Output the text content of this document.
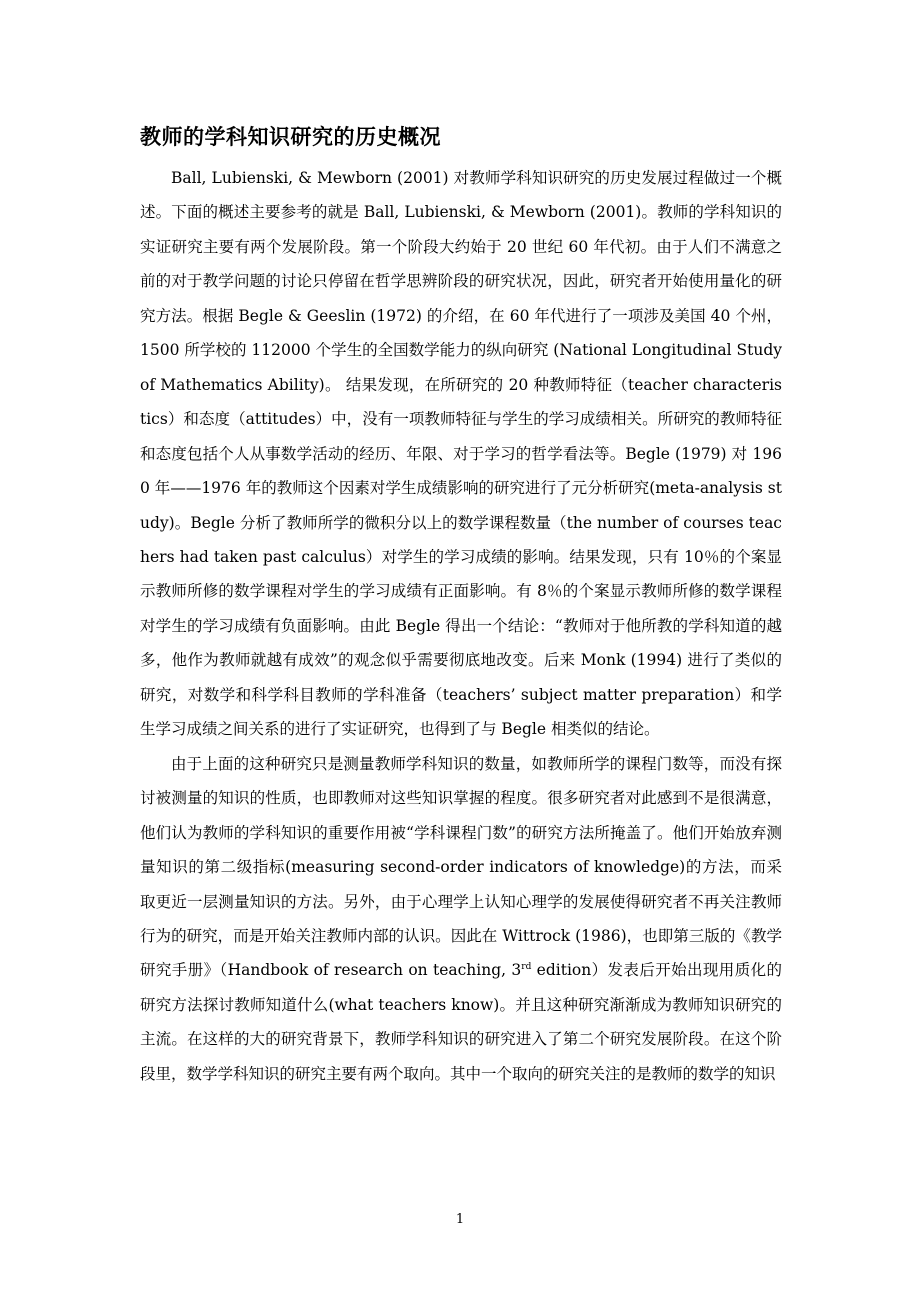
教师的学科知识研究的历史概况

Ball, Lubienski, & Mewborn (2001) 对教师学科知识研究的历史发展过程做过一个概述。下面的概述主要参考的就是 Ball, Lubienski, & Mewborn (2001)。教师的学科知识的实证研究主要有两个发展阶段。第一个阶段大约始于 20 世纪 60 年代初。由于人们不满意之前的对于教学问题的讨论只停留在哲学思辨阶段的研究状况，因此，研究者开始使用量化的研究方法。根据 Begle & Geeslin (1972) 的介绍，在 60 年代进行了一项涉及美国 40 个州，1500 所学校的 112000 个学生的全国数学能力的纵向研究 (National Longitudinal Study of Mathematics Ability)。 结果发现，在所研究的 20 种教师特征（teacher characteristics）和态度（attitudes）中，没有一项教师特征与学生的学习成绩相关。所研究的教师特征和态度包括个人从事数学活动的经历、年限、对于学习的哲学看法等。Begle (1979) 对 1960 年——1976 年的教师这个因素对学生成绩影响的研究进行了元分析研究(meta-analysis study)。Begle 分析了教师所学的微积分以上的数学课程数量（the number of courses teachers had taken past calculus）对学生的学习成绩的影响。结果发现，只有 10％的个案显示教师所修的数学课程对学生的学习成绩有正面影响。有 8％的个案显示教师所修的数学课程对学生的学习成绩有负面影响。由此 Begle 得出一个结论：“教师对于他所教的学科知道的越多，他作为教师就越有成效”的观念似乎需要彻底地改变。后来 Monk (1994) 进行了类似的研究，对数学和科学科目教师的学科准备（teachers’ subject matter preparation）和学生学习成绩之间关系的进行了实证研究，也得到了与 Begle 相类似的结论。

由于上面的这种研究只是测量教师学科知识的数量，如教师所学的课程门数等，而没有探讨被测量的知识的性质，也即教师对这些知识掌握的程度。很多研究者对此感到不是很满意，他们认为教师的学科知识的重要作用被“学科课程门数”的研究方法所掩盖了。他们开始放弃测量知识的第二级指标(measuring second-order indicators of knowledge)的方法，而采取更近一层测量知识的方法。另外，由于心理学上认知心理学的发展使得研究者不再关注教师行为的研究，而是开始关注教师内部的认识。因此在 Wittrock (1986)，也即第三版的《教学研究手册》（Handbook of research on teaching, 3rd edition）发表后开始出现用质化的研究方法探讨教师知道什么(what teachers know)。并且这种研究渐渐成为教师知识研究的主流。在这样的大的研究背景下，教师学科知识的研究进入了第二个研究发展阶段。在这个阶段里，数学学科知识的研究主要有两个取向。其中一个取向的研究关注的是教师的数学的知识

1
